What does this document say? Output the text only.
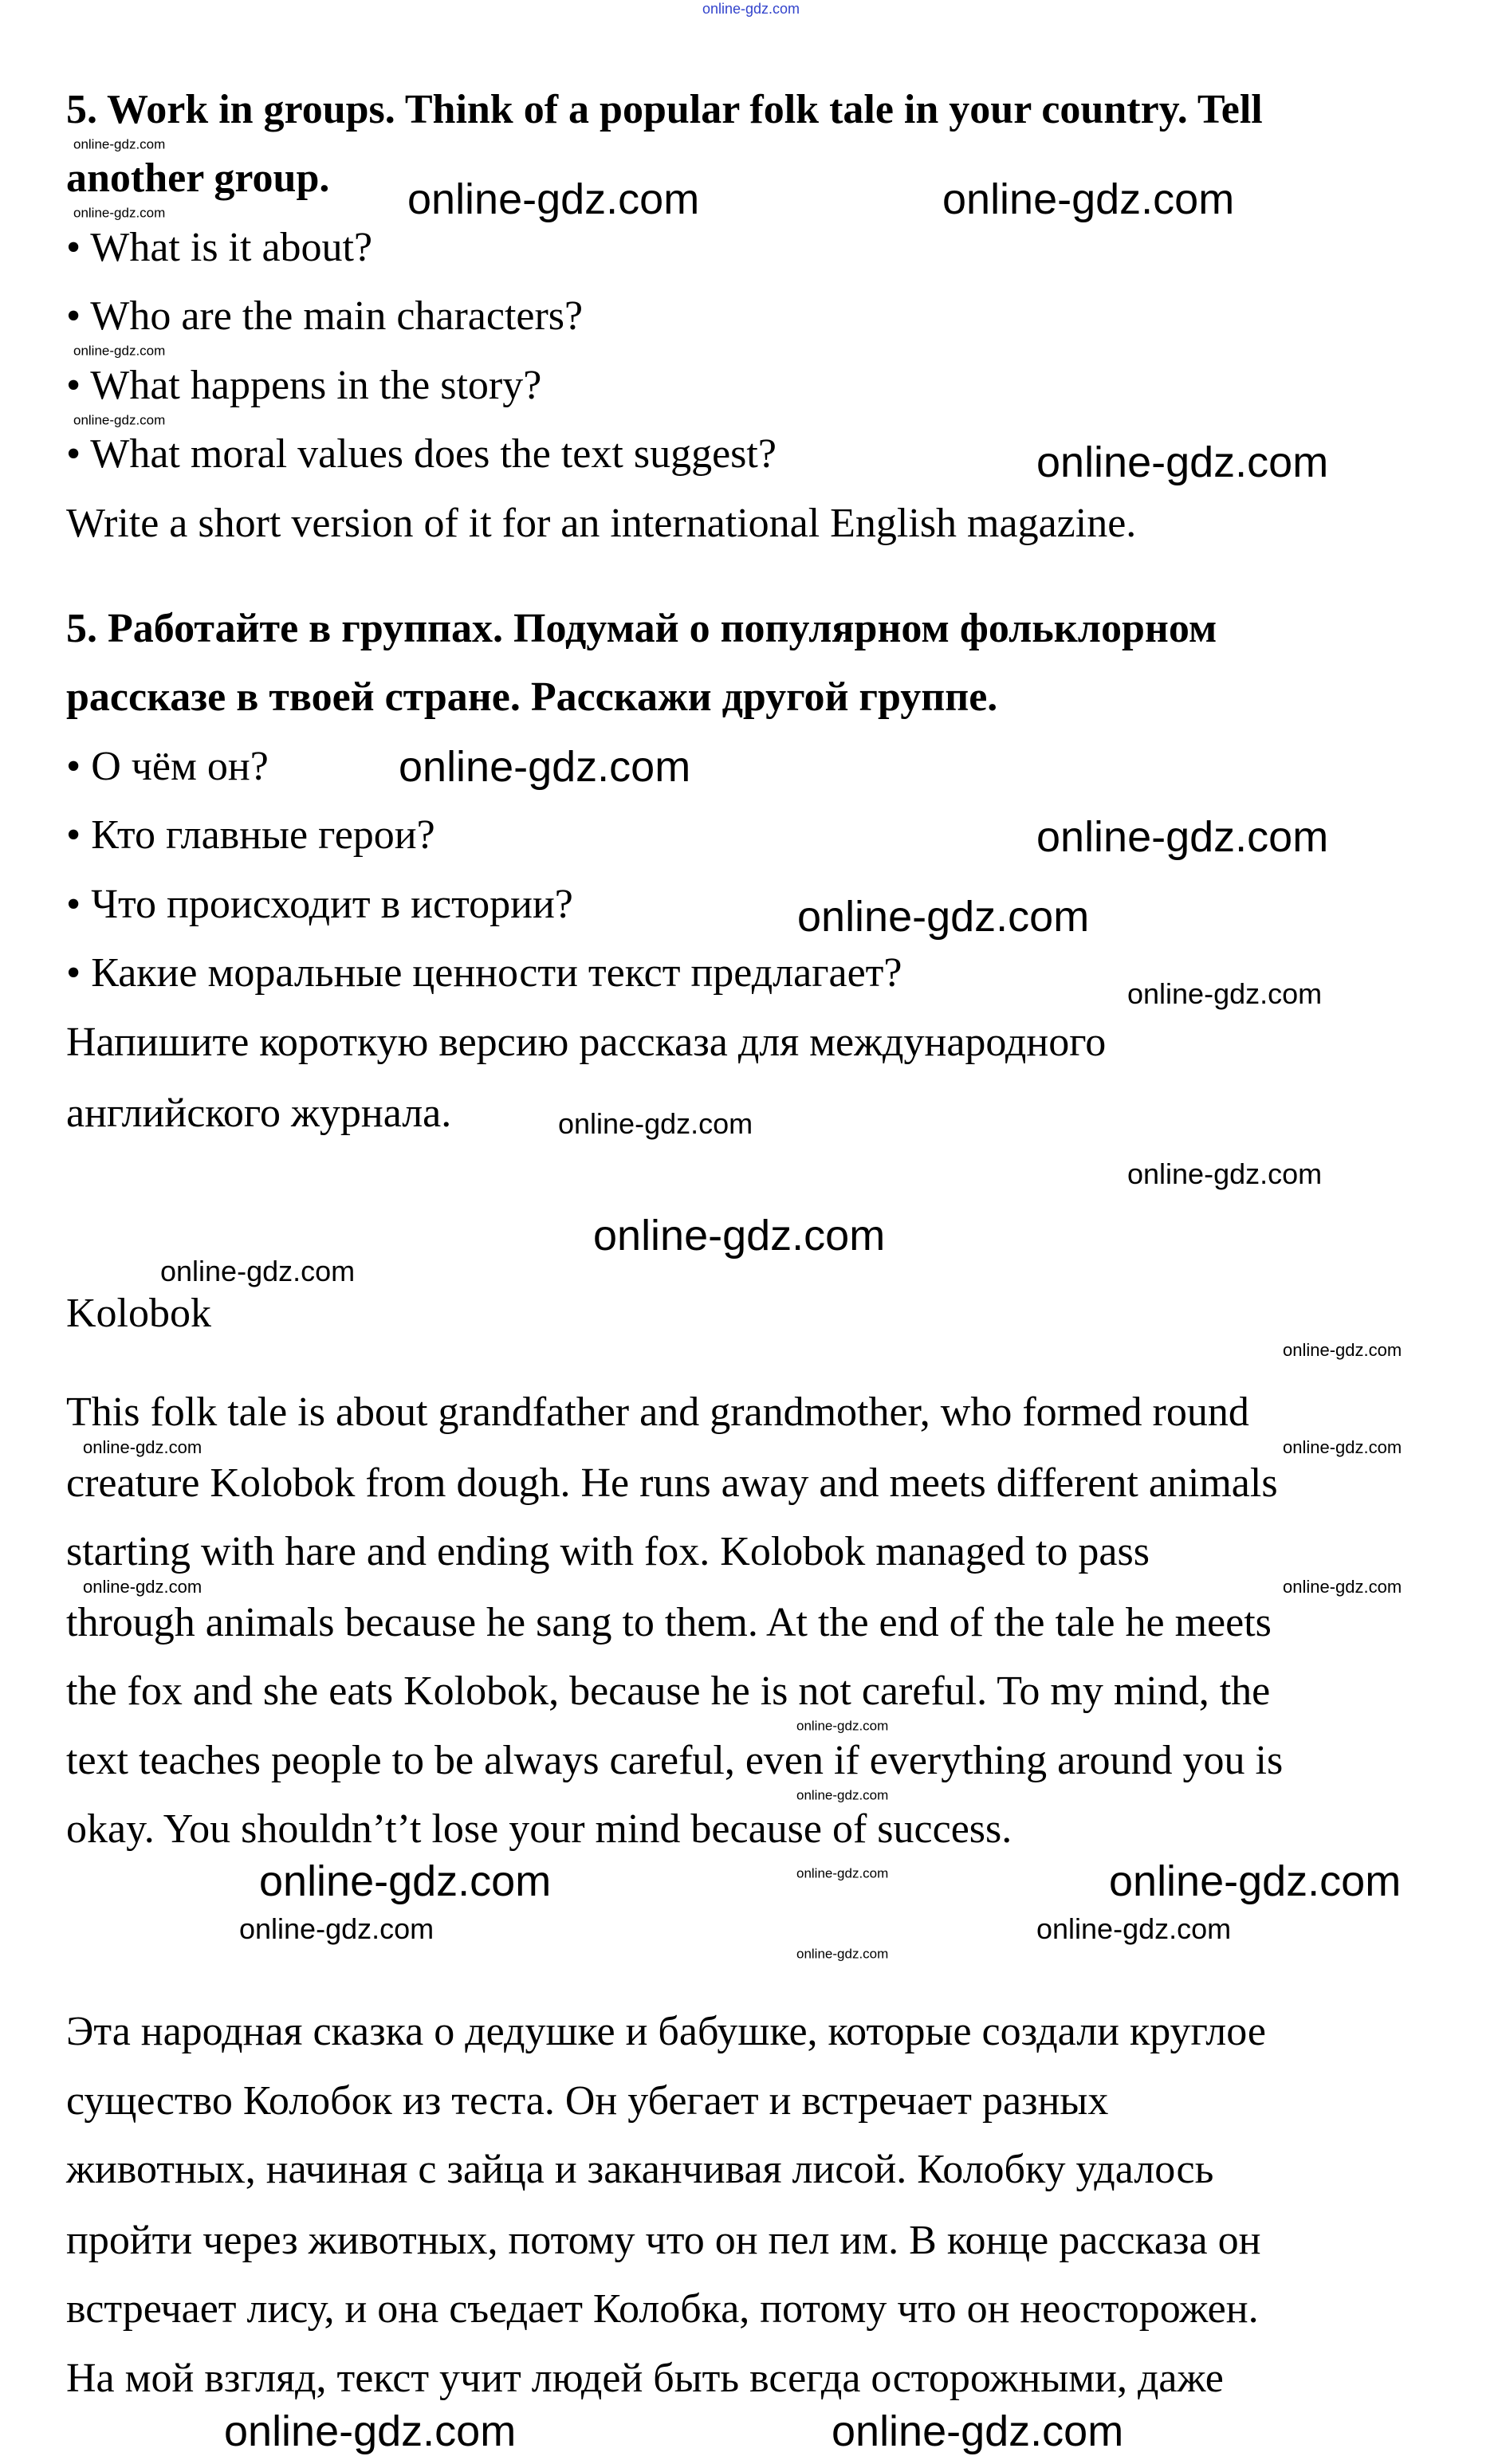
online-gdz.com
5. Work in groups. Think of a popular folk tale in your country. Tell
another group.
• What is it about?
• Who are the main characters?
• What happens in the story?
• What moral values does the text suggest?
Write a short version of it for an international English magazine.
5. Работайте в группах. Подумай о популярном фольклорном
рассказе в твоей стране. Расскажи другой группе.
• О чём он?
• Кто главные герои?
• Что происходит в истории?
• Какие моральные ценности текст предлагает?
Напишите короткую версию рассказа для международного
английского журнала.
Kolobok
This folk tale is about grandfather and grandmother, who formed round
creature Kolobok from dough. He runs away and meets different animals
starting with hare and ending with fox. Kolobok managed to pass
through animals because he sang to them. At the end of the tale he meets
the fox and she eats Kolobok, because he is not careful. To my mind, the
text teaches people to be always careful, even if everything around you is
okay. You shouldn’t’t lose your mind because of success.
Эта народная сказка о дедушке и бабушке, которые создали круглое
существо Колобок из теста. Он убегает и встречает разных
животных, начиная с зайца и заканчивая лисой. Колобку удалось
пройти через животных, потому что он пел им. В конце рассказа он
встречает лису, и она съедает Колобка, потому что он неосторожен.
На мой взгляд, текст учит людей быть всегда осторожными, даже
online-gdz.com
online-gdz.com
online-gdz.com
online-gdz.com
online-gdz.com	online-gdz.com
online-gdz.com
online-gdz.com
online-gdz.com
online-gdz.com
online-gdz.com
online-gdz.com	online-gdz.com
online-gdz.com	online-gdz.com
online-gdz.com
online-gdz.com
online-gdz.com
online-gdz.com
online-gdz.com	online-gdz.com
online-gdz.com
online-gdz.com	online-gdz.com
online-gdz.com
online-gdz.com
online-gdz.com
online-gdz.com
online-gdz.com
online-gdz.com
